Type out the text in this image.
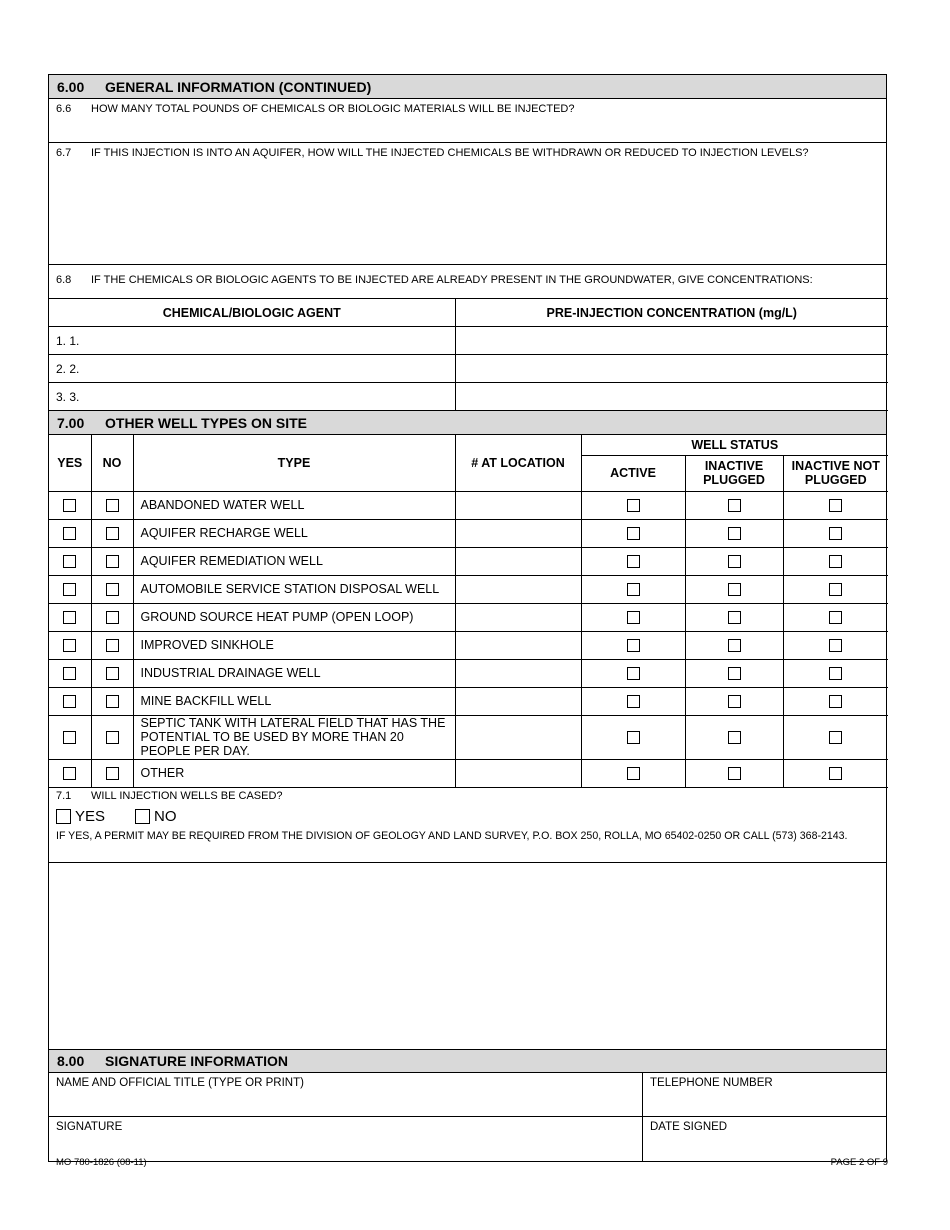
6.00	GENERAL INFORMATION (CONTINUED)
6.6 HOW MANY TOTAL POUNDS OF CHEMICALS OR BIOLOGIC MATERIALS WILL BE INJECTED?
6.7 IF THIS INJECTION IS INTO AN AQUIFER, HOW WILL THE INJECTED CHEMICALS BE WITHDRAWN OR REDUCED TO INJECTION LEVELS?
6.8 IF THE CHEMICALS OR BIOLOGIC AGENTS TO BE INJECTED ARE ALREADY PRESENT IN THE GROUNDWATER, GIVE CONCENTRATIONS:
CHEMICAL/BIOLOGIC AGENT	PRE-INJECTION CONCENTRATION (mg/L)
1. 1.	
2. 2.	
3. 3.	
7.00	OTHER WELL TYPES ON SITE
YES	NO	TYPE	# AT LOCATION	WELL STATUS		
				ACTIVE	INACTIVE PLUGGED	INACTIVE NOT PLUGGED
		ABANDONED WATER WELL				
		AQUIFER RECHARGE WELL				
		AQUIFER REMEDIATION WELL				
		AUTOMOBILE SERVICE STATION DISPOSAL WELL				
		GROUND SOURCE HEAT PUMP (OPEN LOOP)				
		IMPROVED SINKHOLE				
		INDUSTRIAL DRAINAGE WELL				
		MINE BACKFILL WELL				
		SEPTIC TANK WITH LATERAL FIELD THAT HAS THE POTENTIAL TO BE USED BY MORE THAN 20 PEOPLE PER DAY.				
		OTHER				
7.1 WILL INJECTION WELLS BE CASED?
YES	NO
IF YES, A PERMIT MAY BE REQUIRED FROM THE DIVISION OF GEOLOGY AND LAND SURVEY, P.O. BOX 250, ROLLA, MO 65402-0250 OR CALL (573) 368-2143.
8.00	SIGNATURE INFORMATION
NAME AND OFFICIAL TITLE (TYPE OR PRINT)	TELEPHONE NUMBER
SIGNATURE	DATE SIGNED
MO 780-1826 (08-11)	PAGE 2 OF 9
